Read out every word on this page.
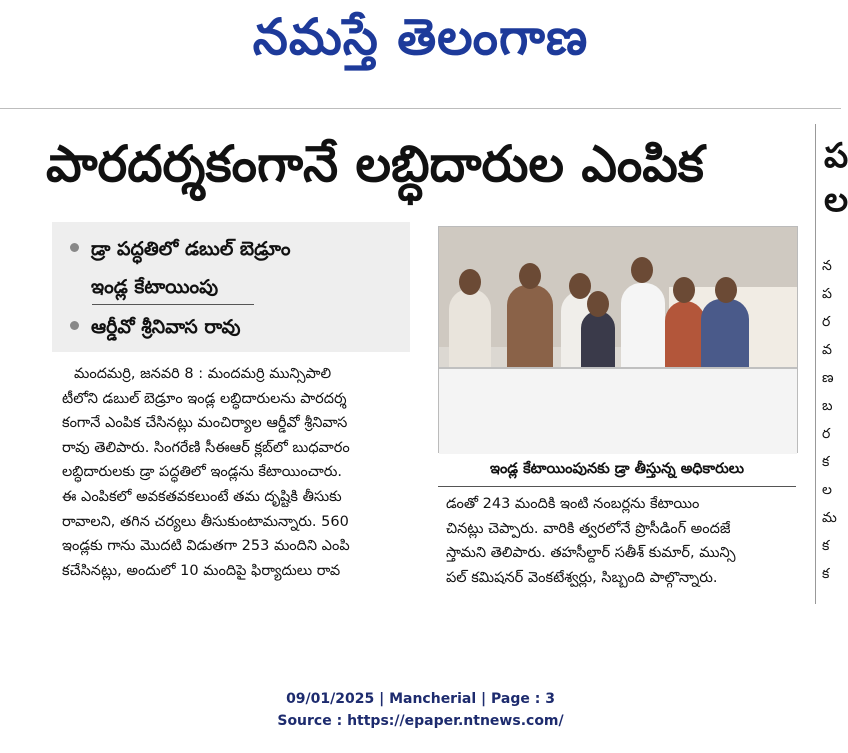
నమస్తే తెలంగాణ
పారదర్శకంగానే లబ్ధిదారుల ఎంపిక	ప
ల
న
ప
ర
వ
ణ
బ
ర
క
ల
మ
క
క
డ్రా పద్ధతిలో డబుల్ బెడ్రూం
ఇండ్ల కేటాయింపు
ఆర్డీవో శ్రీనివాస రావు
మందమర్రి, జనవరి 8 : మందమర్రి మున్సిపాలి
టీలోని డబుల్ బెడ్రూం ఇండ్ల లబ్ధిదారులను పారదర్శ
కంగానే ఎంపిక చేసినట్లు మంచిర్యాల ఆర్డీవో శ్రీనివాస
రావు తెలిపారు. సింగరేణి సీఈఆర్ క్లబ్‌లో బుధవారం
లబ్ధిదారులకు డ్రా పద్ధతిలో ఇండ్లను కేటాయించారు.
ఈ ఎంపికలో అవకతవకలుంటే తమ దృష్టికి తీసుకు
రావాలని, తగిన చర్యలు తీసుకుంటామన్నారు. 560
ఇండ్లకు గాను మొదటి విడుతగా 253 మందిని ఎంపి
కచేసినట్లు, అందులో 10 మందిపై ఫిర్యాదులు రావ
ఇండ్ల కేటాయింపునకు డ్రా తీస్తున్న అధికారులు
డంతో 243 మందికి ఇంటి నంబర్లను కేటాయిం
చినట్లు చెప్పారు. వారికి త్వరలోనే ప్రొసీడింగ్ అందజే
స్తామని తెలిపారు. తహసీల్దార్ సతీశ్ కుమార్, మున్సి
పల్ కమిషనర్ వెంకటేశ్వర్లు, సిబ్బంది పాల్గొన్నారు.
09/01/2025 | Mancherial | Page : 3
Source : https://epaper.ntnews.com/
